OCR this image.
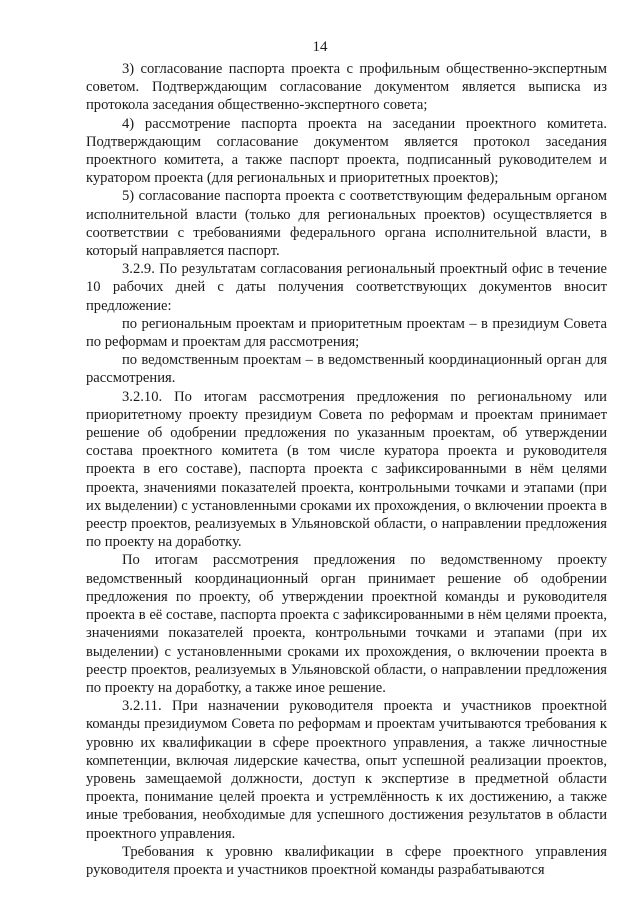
14

3) согласование паспорта проекта с профильным общественно-экспертным советом. Подтверждающим согласование документом является выписка из протокола заседания общественно-экспертного совета;

4) рассмотрение паспорта проекта на заседании проектного комитета. Подтверждающим согласование документом является протокол заседания проектного комитета, а также паспорт проекта, подписанный руководителем и куратором проекта (для региональных и приоритетных проектов);

5) согласование паспорта проекта с соответствующим федеральным органом исполнительной власти (только для региональных проектов) осуществляется в соответствии с требованиями федерального органа исполнительной власти, в который направляется паспорт.

3.2.9. По результатам согласования региональный проектный офис в течение 10 рабочих дней с даты получения соответствующих документов вносит предложение:

по региональным проектам и приоритетным проектам – в президиум Совета по реформам и проектам для рассмотрения;

по ведомственным проектам – в ведомственный координационный орган для рассмотрения.

3.2.10. По итогам рассмотрения предложения по региональному или приоритетному проекту президиум Совета по реформам и проектам принимает решение об одобрении предложения по указанным проектам, об утверждении состава проектного комитета (в том числе куратора проекта и руководителя проекта в его составе), паспорта проекта с зафиксированными в нём целями проекта, значениями показателей проекта, контрольными точками и этапами (при их выделении) с установленными сроками их прохождения, о включении проекта в реестр проектов, реализуемых в Ульяновской области, о направлении предложения по проекту на доработку.

По итогам рассмотрения предложения по ведомственному проекту ведомственный координационный орган принимает решение об одобрении предложения по проекту, об утверждении проектной команды и руководителя проекта в её составе, паспорта проекта с зафиксированными в нём целями проекта, значениями показателей проекта, контрольными точками и этапами (при их выделении) с установленными сроками их прохождения, о включении проекта в реестр проектов, реализуемых в Ульяновской области, о направлении предложения по проекту на доработку, а также иное решение.

3.2.11. При назначении руководителя проекта и участников проектной команды президиумом Совета по реформам и проектам учитываются требования к уровню их квалификации в сфере проектного управления, а также личностные компетенции, включая лидерские качества, опыт успешной реализации проектов, уровень замещаемой должности, доступ к экспертизе в предметной области проекта, понимание целей проекта и устремлённость к их достижению, а также иные требования, необходимые для успешного достижения результатов в области проектного управления.

Требования к уровню квалификации в сфере проектного управления руководителя проекта и участников проектной команды разрабатываются
